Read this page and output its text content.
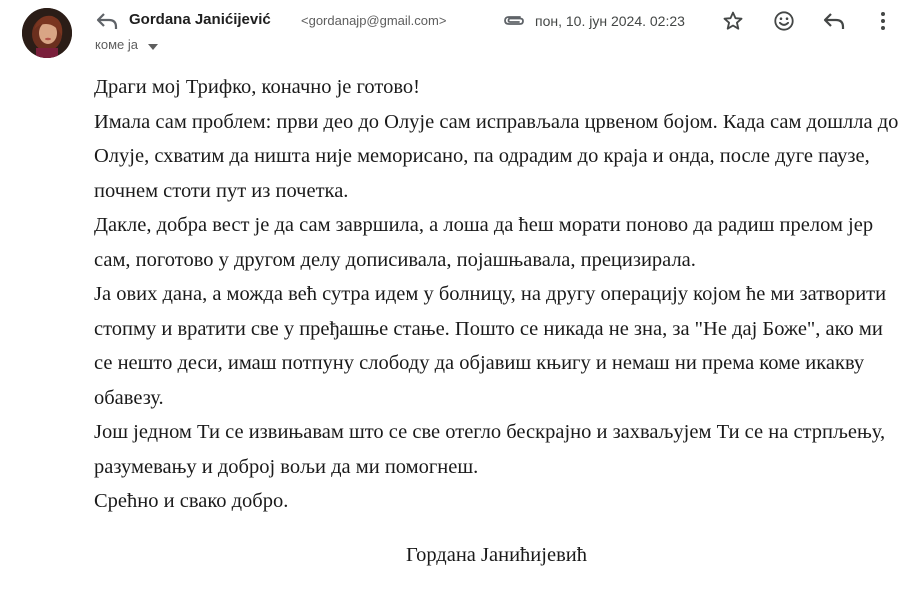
Gordana Janićijević <gordanajp@gmail.com>	пон, 10. јун 2024. 02:23
коме ја

Драги мој Трифко, коначно је готово!

Имала сам проблем: први део до Олује сам исправљала црвеном бојом. Када сам дошлла до Олује, схватим да ништа није меморисано, па одрадим до краја и онда, после дуге паузе, почнем стоти пут из почетка.

Дакле, добра вест је да сам завршила, а лоша да ћеш морати поново да радиш прелом јер сам, поготово у другом делу дописивала, појашњавала, прецизирала.

Ја ових дана, а можда већ сутра идем у болницу, на другу операцију којом ће ми затворити стопму и вратити све у пређашње стање. Пошто се никада не зна, за "Не дај Боже", ако ми се нешто деси, имаш потпуну слободу да објавиш књигу и немаш ни према коме икакву обавезу.

Још једном Ти се извињавам што се све отегло бескрајно и захваљујем Ти се на стрпљењу, разумевању и доброј вољи да ми помогнеш.

Срећно и свако добро.

Гордана Јанићијевић
